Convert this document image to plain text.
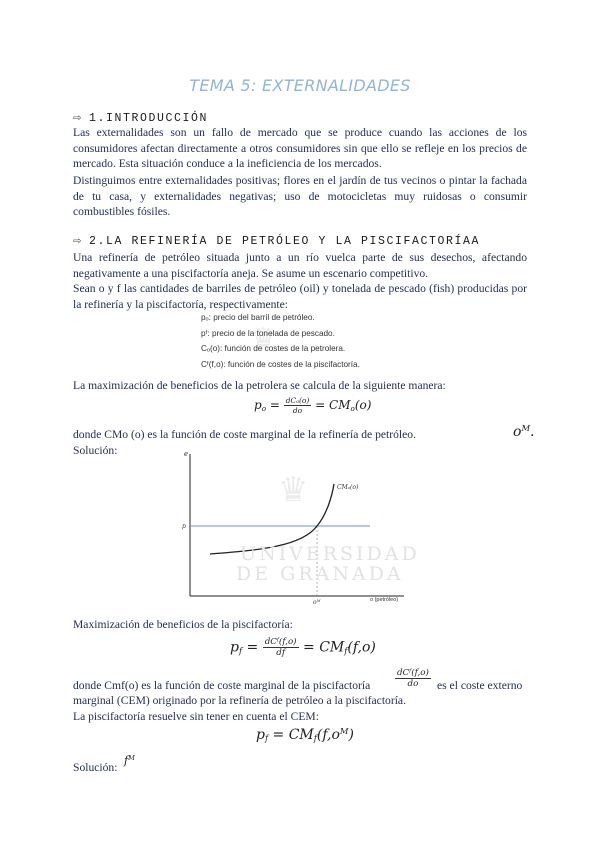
TEMA 5: EXTERNALIDADES
⇨ 1.INTRODUCCIÓN
Las externalidades son un fallo de mercado que se produce cuando las acciones de los consumidores afectan directamente a otros consumidores sin que ello se refleje en los precios de mercado. Esta situación conduce a la ineficiencia de los mercados.
Distinguimos entre externalidades positivas; flores en el jardín de tus vecinos o pintar la fachada de tu casa, y externalidades negativas; uso de motocicletas muy ruidosas o consumir combustibles fósiles.
⇨ 2.LA REFINERÍA DE PETRÓLEO Y LA PISCIFACTORÍAA
Una refinería de petróleo situada junto a un río vuelca parte de sus desechos, afectando negativamente a una piscifactoría aneja. Se asume un escenario competitivo.
Sean o y f las cantidades de barriles de petróleo (oil) y tonelada de pescado (fish) producidas por la refinería y la piscifactoría, respectivamente:
♛
pₒ: precio del barril de petróleo.
pᶠ: precio de la tonelada de pescado.
Cₒ(o): función de costes de la petrolera.
Cᶠ(f,o): función de costes de la piscifactoría.
La maximización de beneficios de la petrolera se calcula de la siguiente manera:
$p_o = \frac{\text{dCₒ(o)}}{do} = CM_o(o)$
donde CMo (o) es la función de coste marginal de la refinería de petróleo. Solución:
$o^M$.
e
p
CMₒ(o)
oᴹ	o (petróleo)
♛
UNIVERSIDAD
DE GRANADA
Maximización de beneficios de la piscifactoría:
$p_f = \frac{\text{dCᶠ(f,o)}}{df} = CM_f(f,o)$
donde Cmf(o) es la función de coste marginal de la piscifactoría	$\frac{\text{dCᶠ(f,o)}}{do}$ es el coste externo
marginal (CEM) originado por la refinería de petróleo a la piscifactoría.
La piscifactoría resuelve sin tener en cuenta el CEM:
$p_f = CM_f(f,o^M)$
Solución:
$f^M$
